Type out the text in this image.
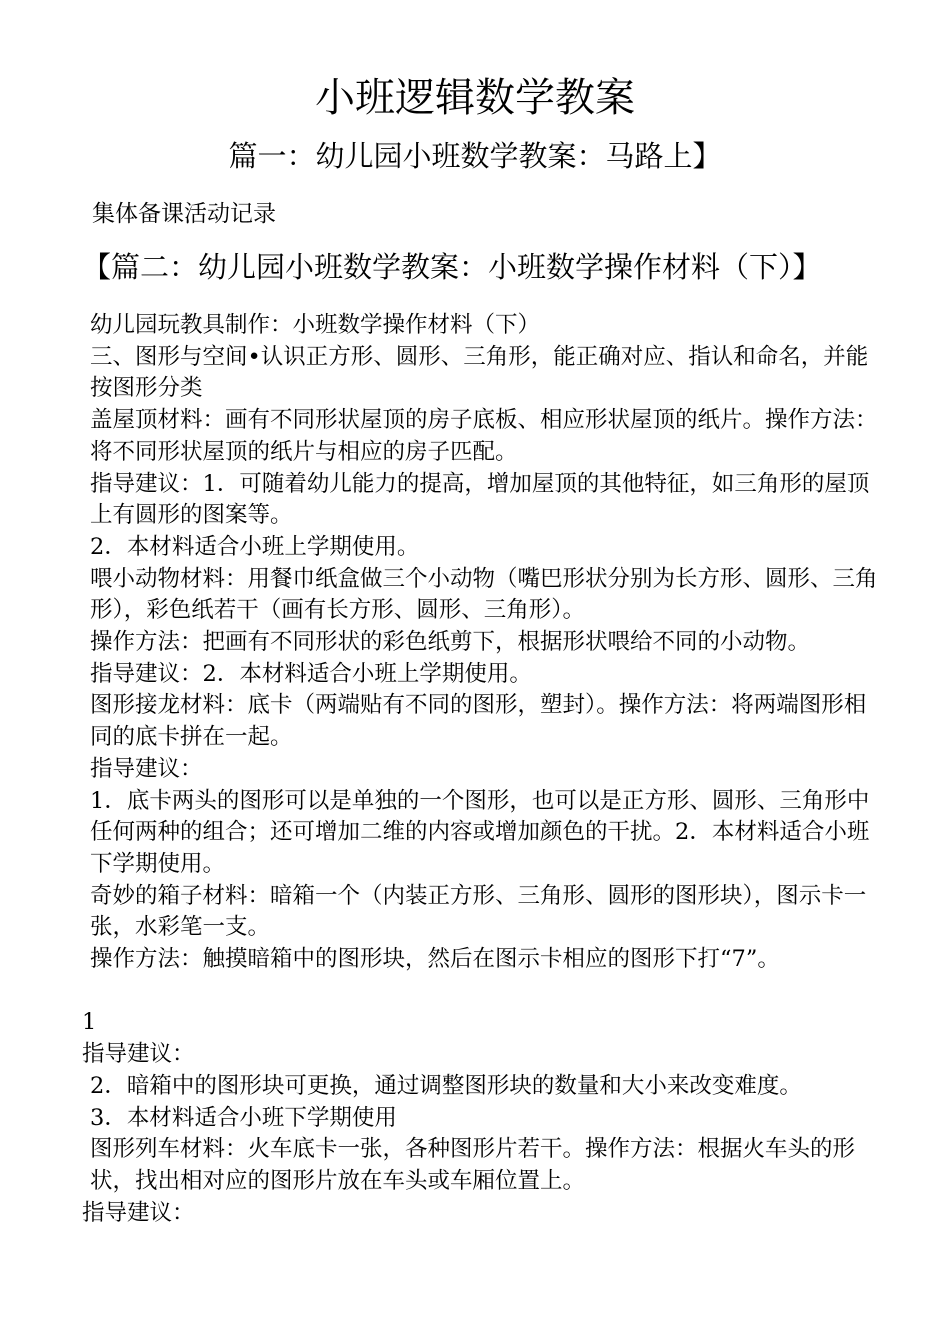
小班逻辑数学教案
篇一：幼儿园小班数学教案：马路上】
集体备课活动记录
【篇二：幼儿园小班数学教案：小班数学操作材料（下）】

幼儿园玩教具制作：小班数学操作材料（下）

三、图形与空间•认识正方形、圆形、三角形，能正确对应、指认和命名，并能按图形分类

盖屋顶材料：画有不同形状屋顶的房子底板、相应形状屋顶的纸片。操作方法：将不同形状屋顶的纸片与相应的房子匹配。

指导建议：1．可随着幼儿能力的提高，增加屋顶的其他特征，如三角形的屋顶上有圆形的图案等。

2．本材料适合小班上学期使用。

喂小动物材料：用餐巾纸盒做三个小动物（嘴巴形状分别为长方形、圆形、三角形），彩色纸若干（画有长方形、圆形、三角形）。

操作方法：把画有不同形状的彩色纸剪下，根据形状喂给不同的小动物。

指导建议：2．本材料适合小班上学期使用。

图形接龙材料：底卡（两端贴有不同的图形，塑封）。操作方法：将两端图形相同的底卡拼在一起。

指导建议：

1．底卡两头的图形可以是单独的一个图形，也可以是正方形、圆形、三角形中任何两种的组合；还可增加二维的内容或增加颜色的干扰。2．本材料适合小班下学期使用。

奇妙的箱子材料：暗箱一个（内装正方形、三角形、圆形的图形块），图示卡一张，水彩笔一支。

操作方法：触摸暗箱中的图形块，然后在图示卡相应的图形下打“7”。

1

指导建议：

2．暗箱中的图形块可更换，通过调整图形块的数量和大小来改变难度。

3．本材料适合小班下学期使用

图形列车材料：火车底卡一张，各种图形片若干。操作方法：根据火车头的形状，找出相对应的图形片放在车头或车厢位置上。

指导建议：
